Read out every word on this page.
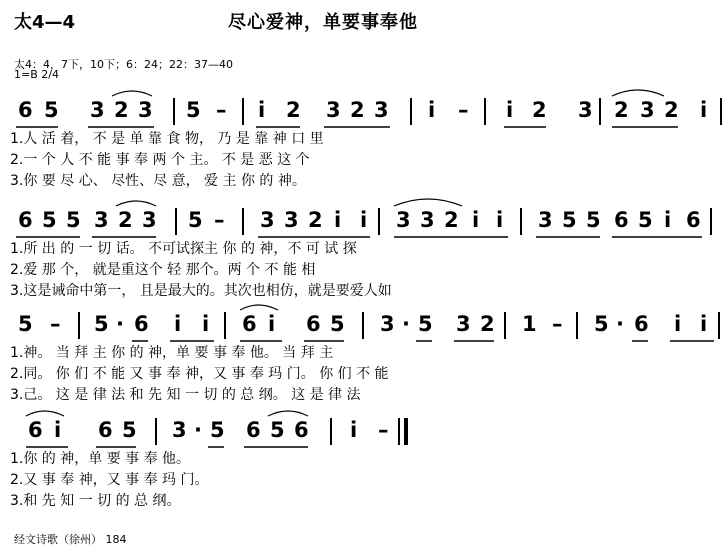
太4—4	尽心爱神，单要事奉他
太4：4，7下，10下；6：24；22：37—40
1=B 2/4
6 5 3 2 3 5 – i 2 3 2 3 i – i 2 3 2 3 2 i
1.人 活 着， 不 是 单 靠 食 物， 乃 是 靠 神 口 里
2.一 个 人 不 能 事 奉 两 个 主。 不 是 恶 这 个
3.你 要 尽 心、 尽性、尽 意， 爱 主 你 的 神。
6 5 5 3 2 3 5 – 3 3 2 i i 3 3 2 i i 3 5 5 6 5 i 6
1.所 出 的 一 切 话。 不可试探主 你 的 神，不 可 试 探
2.爱 那 个， 就是重这个 轻 那个。两 个 不 能 相
3.这是诫命中第一， 且是最大的。其次也相仿，就是要爱人如
5 – 5 · 6 i i 6 i 6 5 3 · 5 3 2 1 – 5 · 6 i i
1.神。 当 拜 主 你 的 神，单 要 事 奉 他。 当 拜 主
2.同。 你 们 不 能 又 事 奉 神，又 事 奉 玛 门。 你 们 不 能
3.己。 这 是 律 法 和 先 知 一 切 的 总 纲。 这 是 律 法
6 i 6 5 3 · 5 6 5 6 i –
1.你 的 神，单 要 事 奉 他。
2.又 事 奉 神，又 事 奉 玛 门。
3.和 先 知 一 切 的 总 纲。
经文诗歌（徐州） 184
